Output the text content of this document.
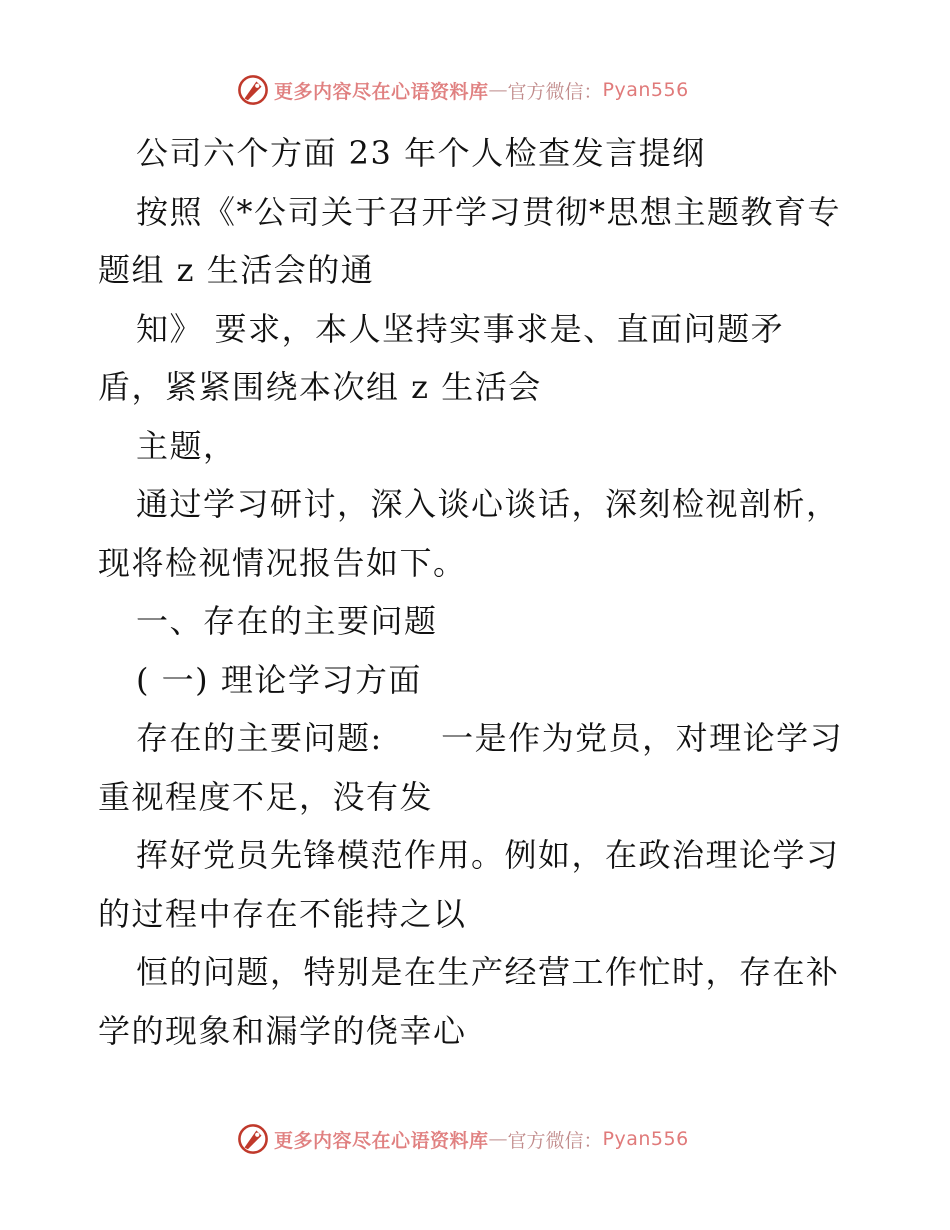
更多内容尽在心语资料库 — 官方微信： Pyan556
公司六个方面 23 年个人检查发言提纲
按照《*公司关于召开学习贯彻*思想主题教育专
题组 z 生活会的通
知》 要求，本人坚持实事求是、直面问题矛
盾，紧紧围绕本次组 z 生活会
主题，
通过学习研讨，深入谈心谈话，深刻检视剖析，
现将检视情况报告如下。
一、存在的主要问题
( 一) 理论学习方面
存在的主要问题:     一是作为党员，对理论学习
重视程度不足，没有发
挥好党员先锋模范作用。例如，在政治理论学习
的过程中存在不能持之以
恒的问题，特别是在生产经营工作忙时，存在补
学的现象和漏学的侥幸心
更多内容尽在心语资料库 — 官方微信： Pyan556
